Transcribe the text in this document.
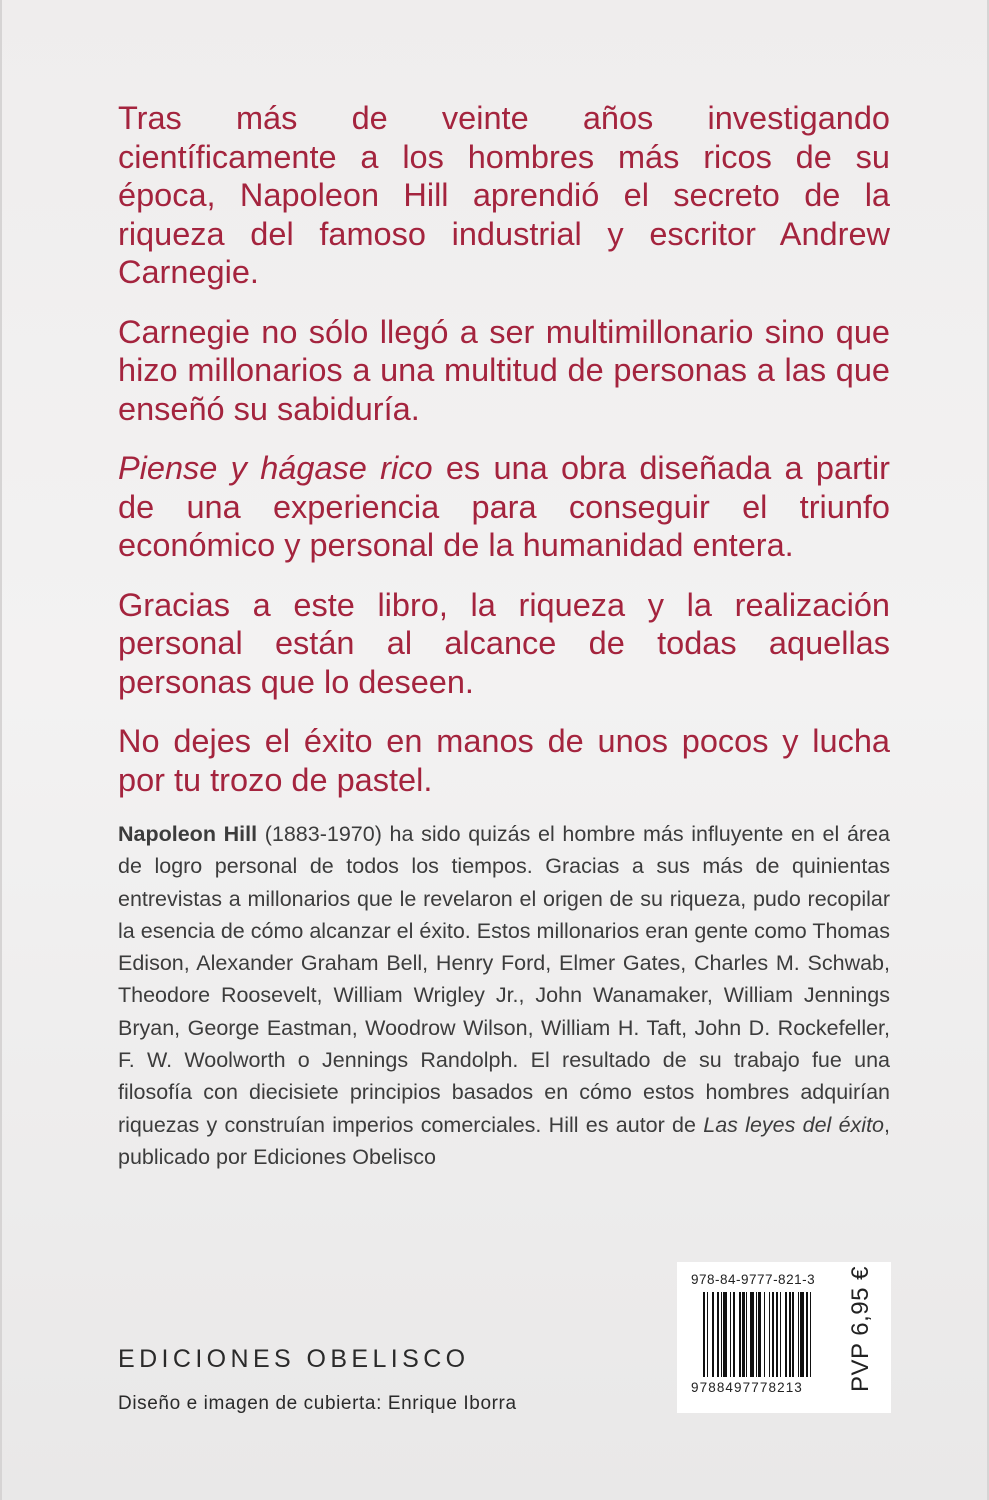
Tras más de veinte años investigando científicamente a los hombres más ricos de su época, Napoleon Hill aprendió el secreto de la riqueza del famoso industrial y escritor Andrew Carnegie.

Carnegie no sólo llegó a ser multimillonario sino que hizo millonarios a una multitud de personas a las que enseñó su sabiduría.

Piense y hágase rico es una obra diseñada a partir de una experiencia para conseguir el triunfo económico y personal de la humanidad entera.

Gracias a este libro, la riqueza y la realización personal están al alcance de todas aquellas personas que lo deseen.

No dejes el éxito en manos de unos pocos y lucha por tu trozo de pastel.

Napoleon Hill (1883-1970) ha sido quizás el hombre más influyente en el área de logro personal de todos los tiempos. Gracias a sus más de quinientas entrevistas a millonarios que le revelaron el origen de su riqueza, pudo recopilar la esencia de cómo alcanzar el éxito. Estos millonarios eran gente como Thomas Edison, Alexander Graham Bell, Henry Ford, Elmer Gates, Charles M. Schwab, Theodore Roosevelt, William Wrigley Jr., John Wanamaker, William Jennings Bryan, George Eastman, Woodrow Wilson, William H. Taft, John D. Rockefeller, F. W. Woolworth o Jennings Randolph. El resultado de su trabajo fue una filosofía con diecisiete principios basados en cómo estos hombres adquirían riquezas y construían imperios comerciales. Hill es autor de Las leyes del éxito, publicado por Ediciones Obelisco

EDICIONES OBELISCO
Diseño e imagen de cubierta: Enrique Iborra
978-84-9777-821-3
9788497778213 PVP 6,95 €
